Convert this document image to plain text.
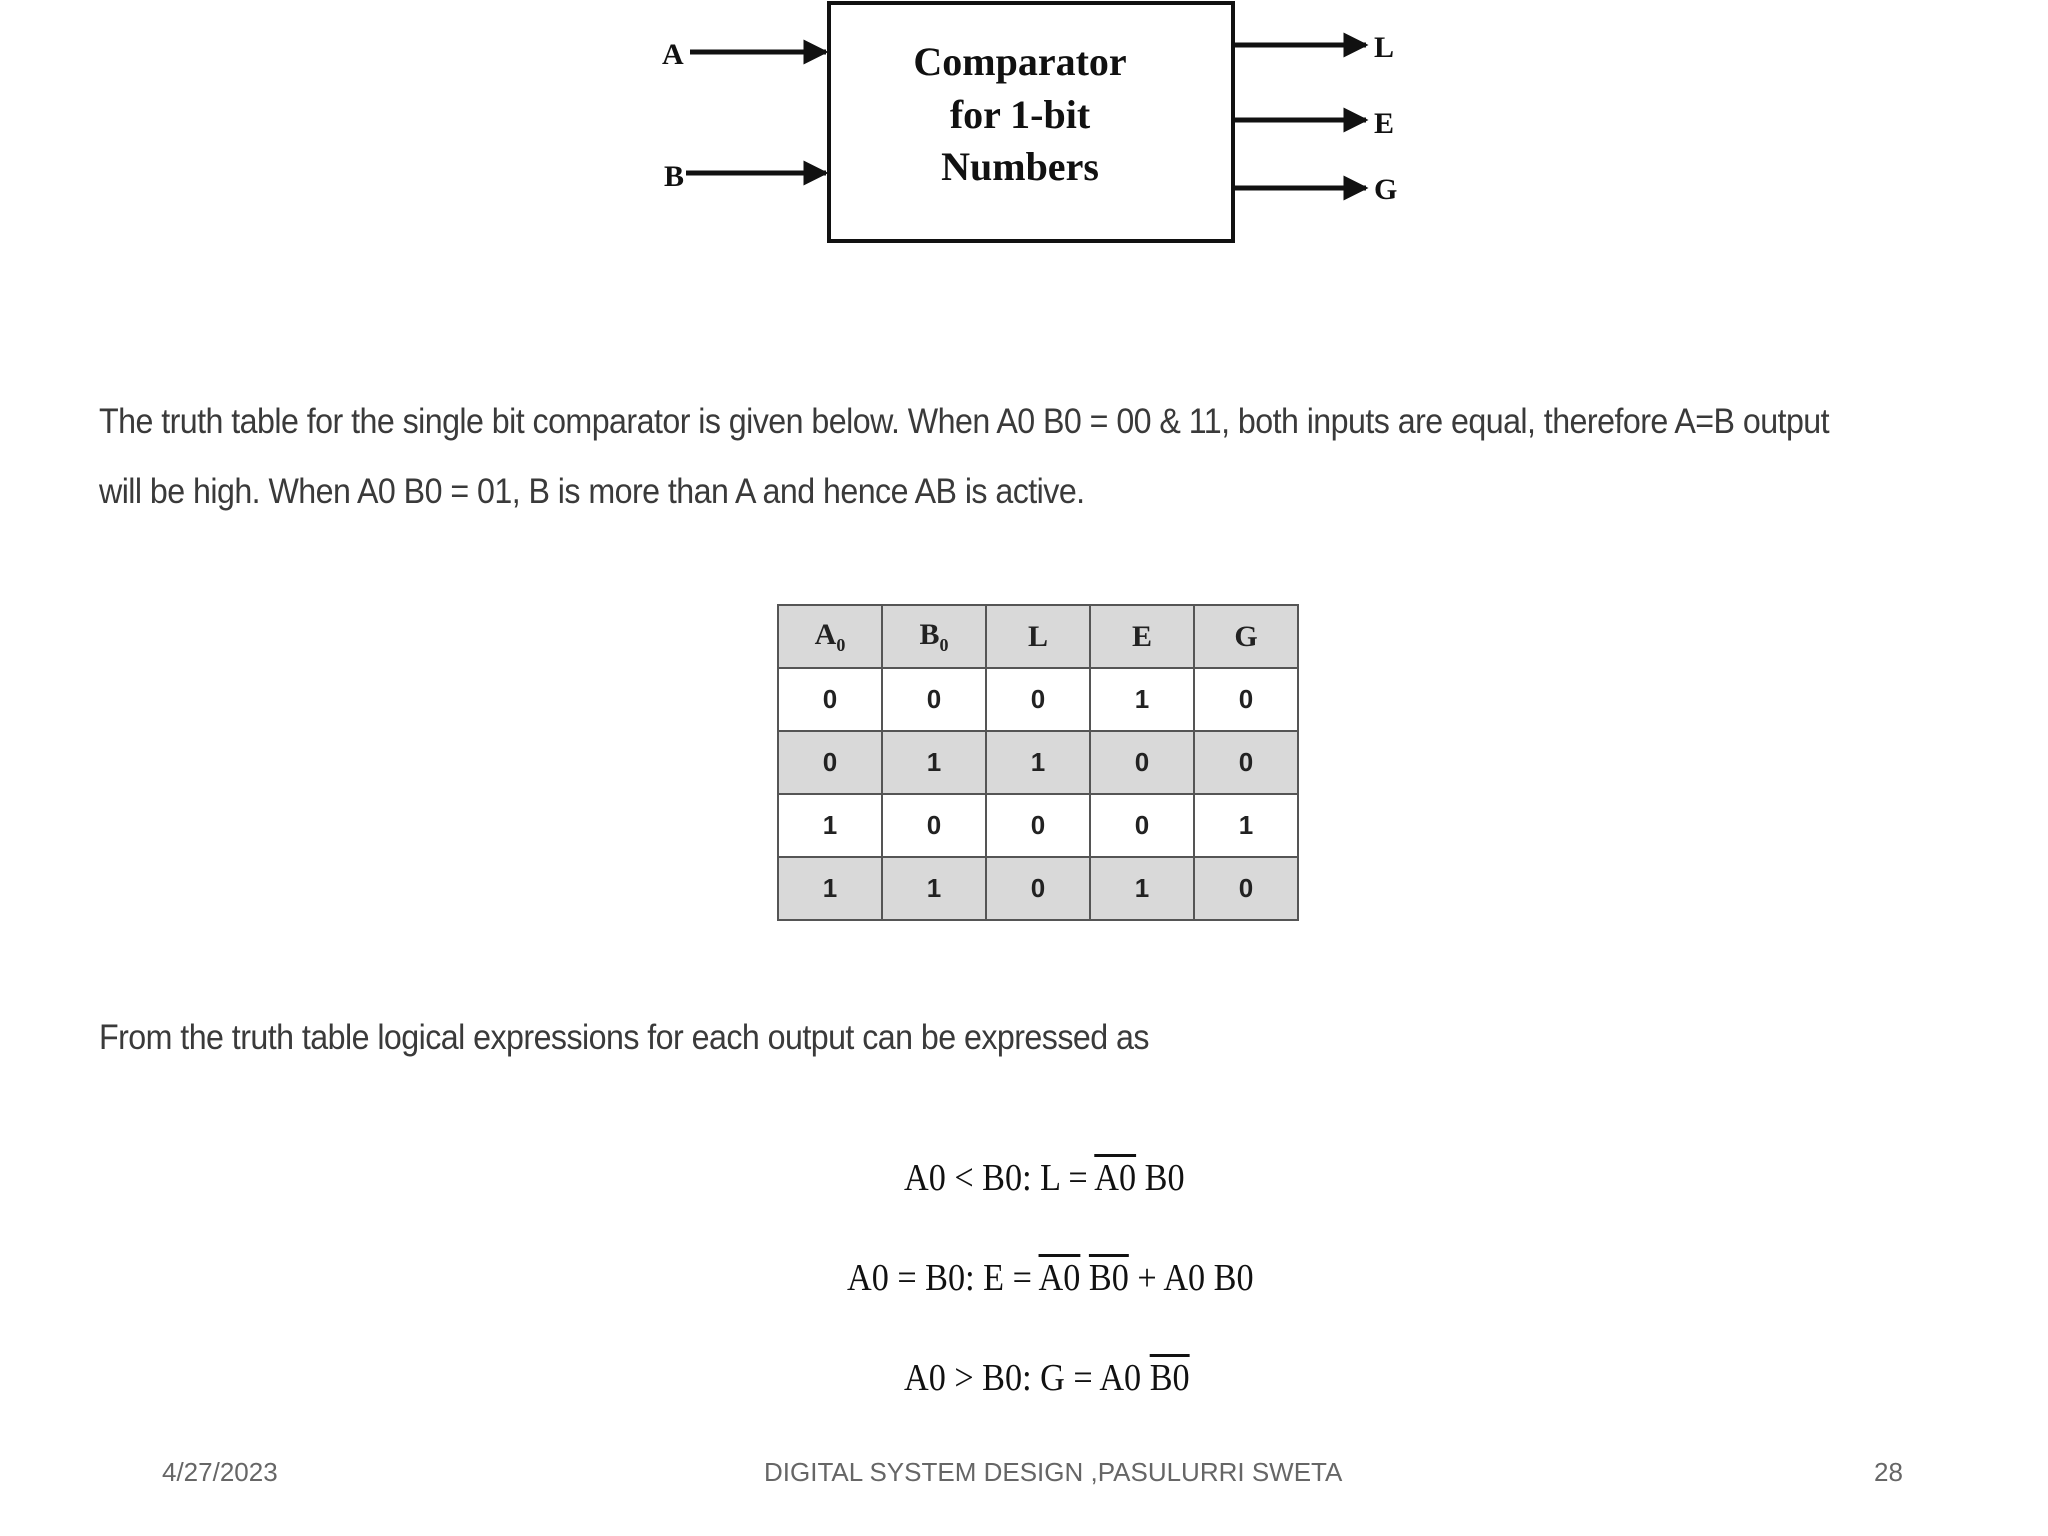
A
B
L
E
G
Comparator
for 1-bit
Numbers
The truth table for the single bit comparator is given below. When A0 B0 = 00 & 11, both inputs are equal, therefore A=B output will be high. When A0 B0 = 01, B is more than A and hence AB is active.
$A_0$	$B_0$	L	E	G
0	0	0	1	0
0	1	1	0	0
1	0	0	0	1
1	1	0	1	0
From the truth table logical expressions for each output can be expressed as
A0 < B0: L = A0 B0
A0 = B0: E = A0 B0 + A0 B0
A0 > B0: G = A0 B0
4/27/2023	DIGITAL SYSTEM DESIGN ,PASULURRI SWETA	28
